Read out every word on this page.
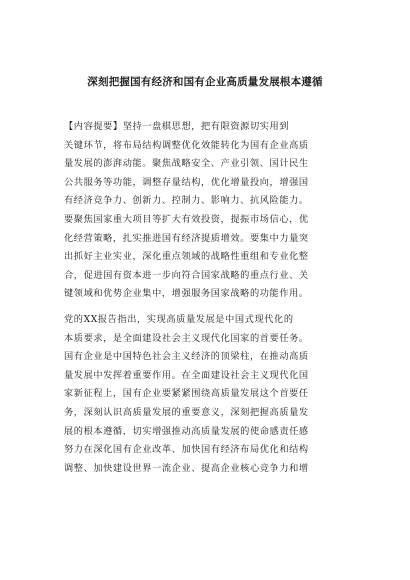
深刻把握国有经济和国有企业高质量发展根本遵循
【内容提要】坚持一盘棋思想，把有限资源切实用到
关键环节，将布局结构调整优化效能转化为国有企业高质
量发展的澎湃动能。聚焦战略安全、产业引领、国计民生
公共服务等功能，调整存量结构，优化增量投向，增强国
有经济竞争力、创新力、控制力、影响力、抗风险能力。
要聚焦国家重大项目等扩大有效投资，提振市场信心，优
化经营策略，扎实推进国有经济提质增效。要集中力量突
出抓好主业实业，深化重点领域的战略性重组和专业化整
合，促进国有资本进一步向符合国家战略的重点行业、关
键领域和优势企业集中，增强服务国家战略的功能作用。
党的XX报告指出，实现高质量发展是中国式现代化的
本质要求，是全面建设社会主义现代化国家的首要任务。
国有企业是中国特色社会主义经济的顶梁柱，在推动高质
量发展中发挥着重要作用。在全面建设社会主义现代化国
家新征程上，国有企业要紧紧围绕高质量发展这个首要任
务，深刻认识高质量发展的重要意义，深刻把握高质量发
展的根本遵循，切实增强推动高质量发展的使命感责任感
努力在深化国有企业改革、加快国有经济布局优化和结构
调整、加快建设世界一流企业、提高企业核心竞争力和增
